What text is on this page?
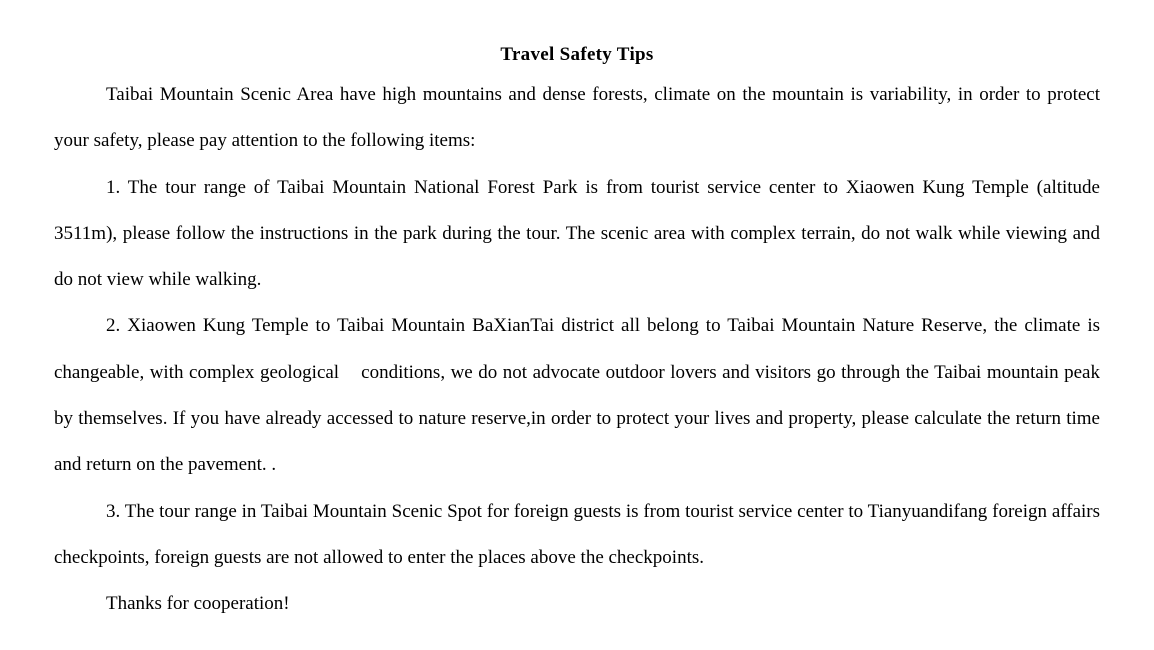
Travel Safety Tips

Taibai Mountain Scenic Area have high mountains and dense forests, climate on the mountain is variability, in order to protect your safety, please pay attention to the following items:

1. The tour range of Taibai Mountain National Forest Park is from tourist service center to Xiaowen Kung Temple (altitude 3511m), please follow the instructions in the park during the tour. The scenic area with complex terrain, do not walk while viewing and do not view while walking.

2. Xiaowen Kung Temple to Taibai Mountain BaXianTai district all belong to Taibai Mountain Nature Reserve, the climate is changeable, with complex geological    conditions, we do not advocate outdoor lovers and visitors go through the Taibai mountain peak by themselves. If you have already accessed to nature reserve,in order to protect your lives and property, please calculate the return time and return on the pavement. .

3. The tour range in Taibai Mountain Scenic Spot for foreign guests is from tourist service center to Tianyuandifang foreign affairs checkpoints, foreign guests are not allowed to enter the places above the checkpoints.

Thanks for cooperation!
